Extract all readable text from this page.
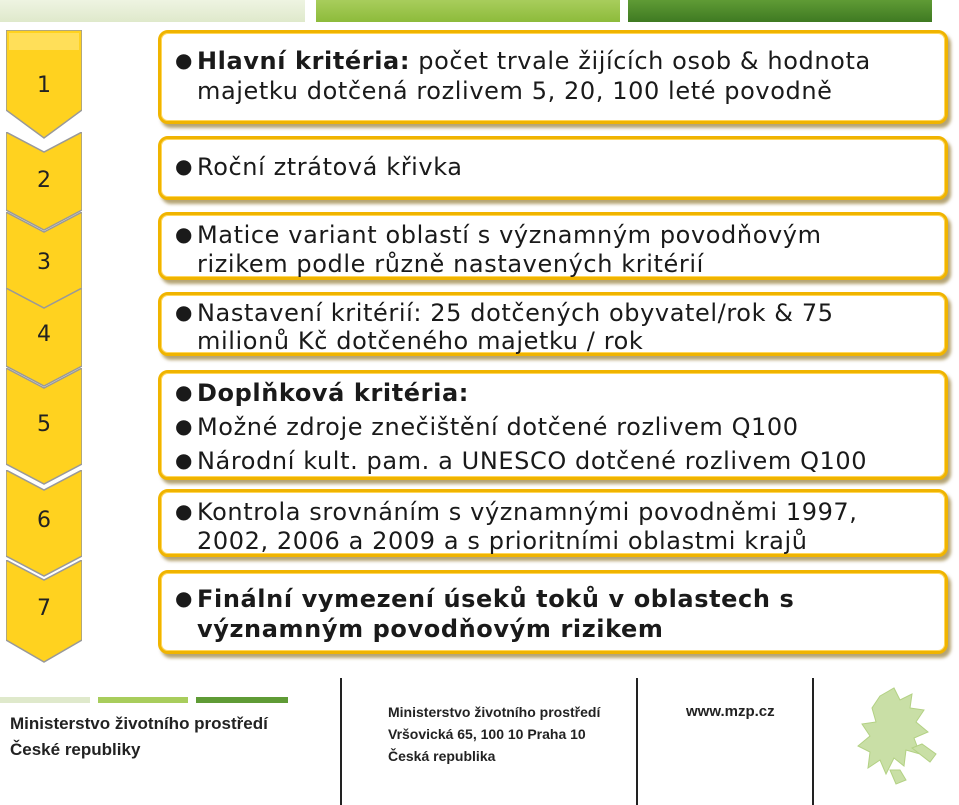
1
2
3
4
5
6
7
● Hlavní kritéria: počet trvale žijících osob & hodnota
majetku dotčená rozlivem 5, 20, 100 leté povodně
● Roční ztrátová křivka
● Matice variant oblastí s významným povodňovým
rizikem podle různě nastavených kritérií
● Nastavení kritérií: 25 dotčených obyvatel/rok & 75
milionů Kč dotčeného majetku / rok
● Doplňková kritéria:
● Možné zdroje znečištění dotčené rozlivem Q100
● Národní kult. pam. a UNESCO dotčené rozlivem Q100
● Kontrola srovnáním s významnými povodněmi 1997,
2002, 2006 a 2009 a s prioritními oblastmi krajů
● Finální vymezení úseků toků v oblastech s
významným povodňovým rizikem
Ministerstvo životního prostředí
České republiky
Ministerstvo životního prostředí
Vršovická 65, 100 10 Praha 10
Česká republika
www.mzp.cz
